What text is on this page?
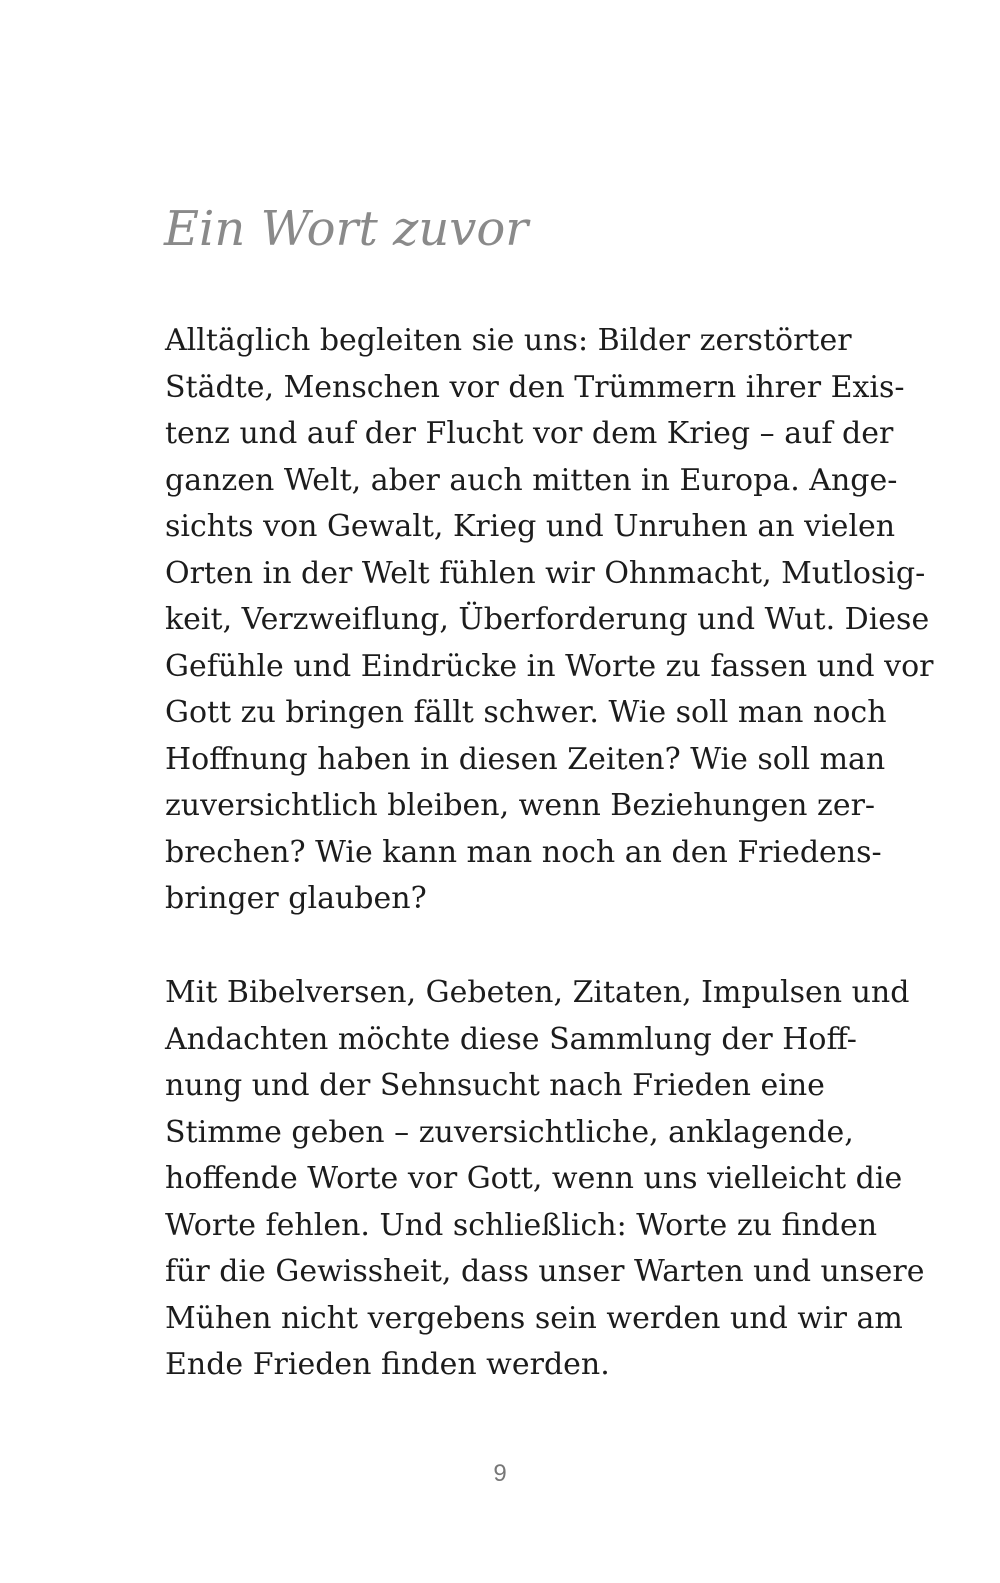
Ein Wort zuvor

Alltäglich begleiten sie uns: Bilder zerstörter
Städte, Menschen vor den Trümmern ihrer Exis-
tenz und auf der Flucht vor dem Krieg – auf der
ganzen Welt, aber auch mitten in Europa. Ange-
sichts von Gewalt, Krieg und Unruhen an vielen
Orten in der Welt fühlen wir Ohnmacht, Mutlosig-
keit, Verzweiflung, Überforderung und Wut. Diese
Gefühle und Eindrücke in Worte zu fassen und vor
Gott zu bringen fällt schwer. Wie soll man noch
Hoffnung haben in diesen Zeiten? Wie soll man
zuversichtlich bleiben, wenn Beziehungen zer-
brechen? Wie kann man noch an den Friedens-
bringer glauben?

Mit Bibelversen, Gebeten, Zitaten, Impulsen und
Andachten möchte diese Sammlung der Hoff-
nung und der Sehnsucht nach Frieden eine
Stimme geben – zuversichtliche, anklagende,
hoffende Worte vor Gott, wenn uns vielleicht die
Worte fehlen. Und schließlich: Worte zu finden
für die Gewissheit, dass unser Warten und unsere
Mühen nicht vergebens sein werden und wir am
Ende Frieden finden werden.

9
